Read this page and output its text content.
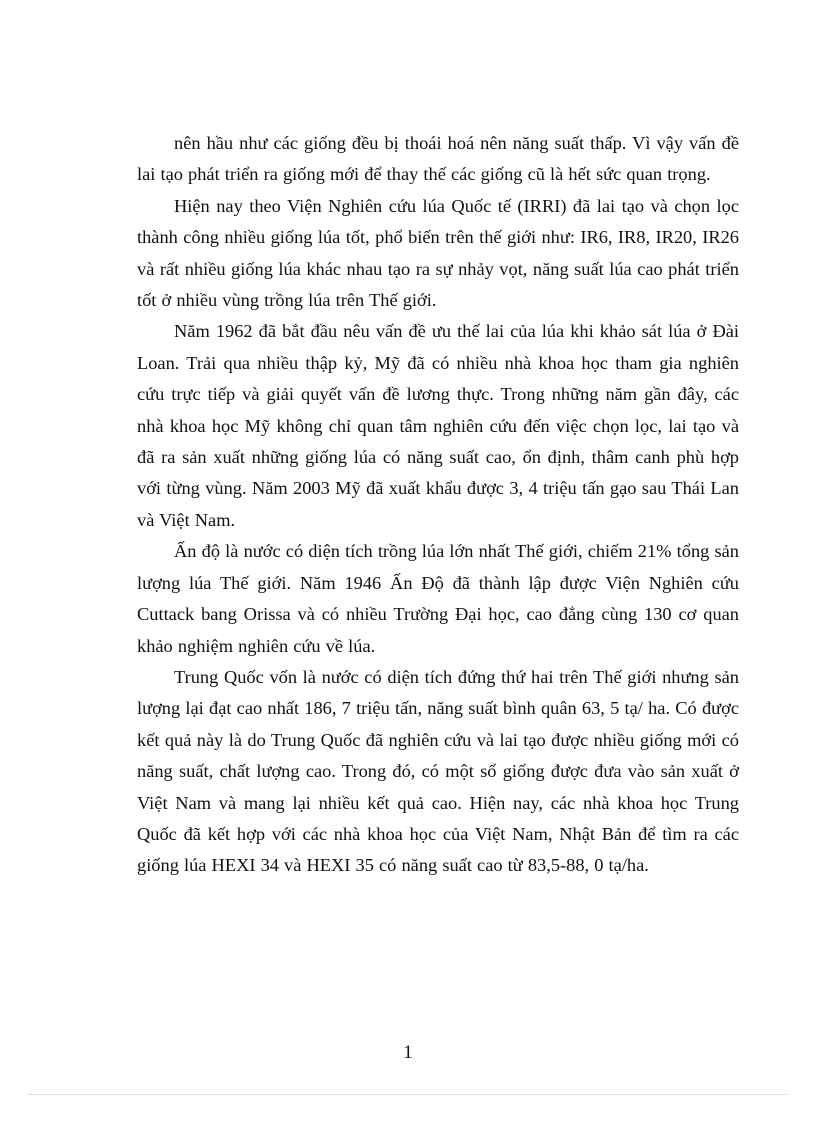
nên hầu như các giống đều bị thoái hoá nên năng suất thấp. Vì vậy vấn đề lai tạo phát triển ra giống mới để thay thế các giống cũ là hết sức quan trọng.

Hiện nay theo Viện Nghiên cứu lúa Quốc tế (IRRI) đã lai tạo và chọn lọc thành công nhiều giống lúa tốt, phổ biến trên thế giới như: IR6, IR8, IR20, IR26 và rất nhiều giống lúa khác nhau tạo ra sự nhảy vọt, năng suất lúa cao phát triển tốt ở nhiều vùng trồng lúa trên Thế giới.

Năm 1962 đã bắt đầu nêu vấn đề ưu thế lai của lúa khi khảo sát lúa ở Đài Loan. Trải qua nhiều thập kỷ, Mỹ đã có nhiều nhà khoa học tham gia nghiên cứu trực tiếp và giải quyết vấn đề lương thực. Trong những năm gần đây, các nhà khoa học Mỹ không chỉ quan tâm nghiên cứu đến việc chọn lọc, lai tạo và đã ra sản xuất những giống lúa có năng suất cao, ổn định, thâm canh phù hợp với từng vùng. Năm 2003 Mỹ đã xuất khẩu được 3, 4 triệu tấn gạo sau Thái Lan và Việt Nam.

Ấn độ là nước có diện tích trồng lúa lớn nhất Thế giới, chiếm 21% tổng sản lượng lúa Thế giới. Năm 1946 Ấn Độ đã thành lập được Viện Nghiên cứu Cuttack bang Orissa và có nhiều Trường Đại học, cao đẳng cùng 130 cơ quan khảo nghiệm nghiên cứu về lúa.

Trung Quốc vốn là nước có diện tích đứng thứ hai trên Thế giới nhưng sản lượng lại đạt cao nhất 186, 7 triệu tấn, năng suất bình quân 63, 5 tạ/ ha. Có được kết quả này là do Trung Quốc đã nghiên cứu và lai tạo được nhiều giống mới có năng suất, chất lượng cao. Trong đó, có một số giống được đưa vào sản xuất ở Việt Nam và mang lại nhiều kết quả cao. Hiện nay, các nhà khoa học Trung Quốc đã kết hợp với các nhà khoa học của Việt Nam, Nhật Bản để tìm ra các giống lúa HEXI 34 và HEXI 35 có năng suất cao từ 83,5-88, 0 tạ/ha.

1
